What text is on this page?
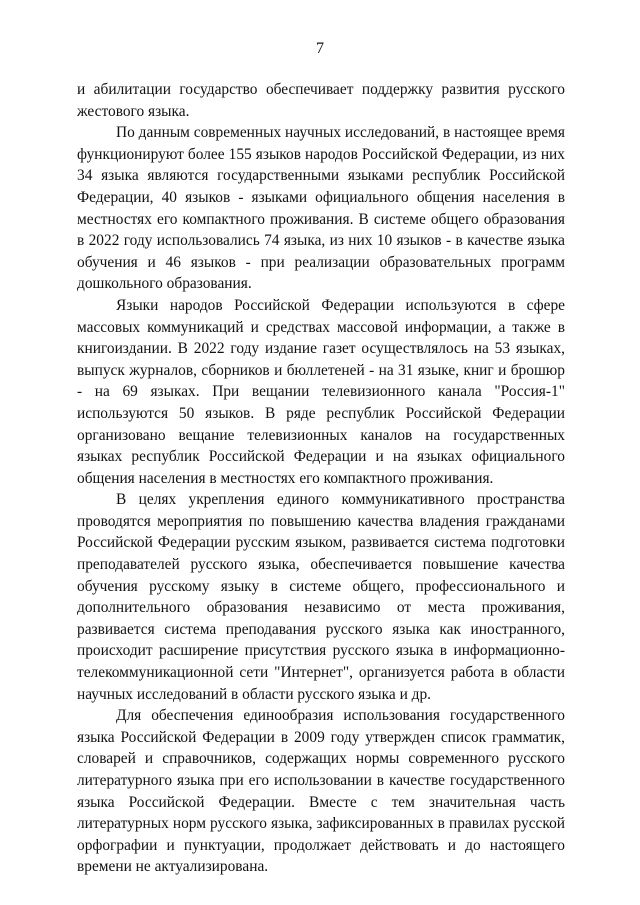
7

и абилитации государство обеспечивает поддержку развития русского жестового языка.

По данным современных научных исследований, в настоящее время функционируют более 155 языков народов Российской Федерации, из них 34 языка являются государственными языками республик Российской Федерации, 40 языков - языками официального общения населения в местностях его компактного проживания. В системе общего образования в 2022 году использовались 74 языка, из них 10 языков - в качестве языка обучения и 46 языков - при реализации образовательных программ дошкольного образования.

Языки народов Российской Федерации используются в сфере массовых коммуникаций и средствах массовой информации, а также в книгоиздании. В 2022 году издание газет осуществлялось на 53 языках, выпуск журналов, сборников и бюллетеней - на 31 языке, книг и брошюр - на 69 языках. При вещании телевизионного канала "Россия-1" используются 50 языков. В ряде республик Российской Федерации организовано вещание телевизионных каналов на государственных языках республик Российской Федерации и на языках официального общения населения в местностях его компактного проживания.

В целях укрепления единого коммуникативного пространства проводятся мероприятия по повышению качества владения гражданами Российской Федерации русским языком, развивается система подготовки преподавателей русского языка, обеспечивается повышение качества обучения русскому языку в системе общего, профессионального и дополнительного образования независимо от места проживания, развивается система преподавания русского языка как иностранного, происходит расширение присутствия русского языка в информационно-телекоммуникационной сети "Интернет", организуется работа в области научных исследований в области русского языка и др.

Для обеспечения единообразия использования государственного языка Российской Федерации в 2009 году утвержден список грамматик, словарей и справочников, содержащих нормы современного русского литературного языка при его использовании в качестве государственного языка Российской Федерации. Вместе с тем значительная часть литературных норм русского языка, зафиксированных в правилах русской орфографии и пунктуации, продолжает действовать и до настоящего времени не актуализирована.
